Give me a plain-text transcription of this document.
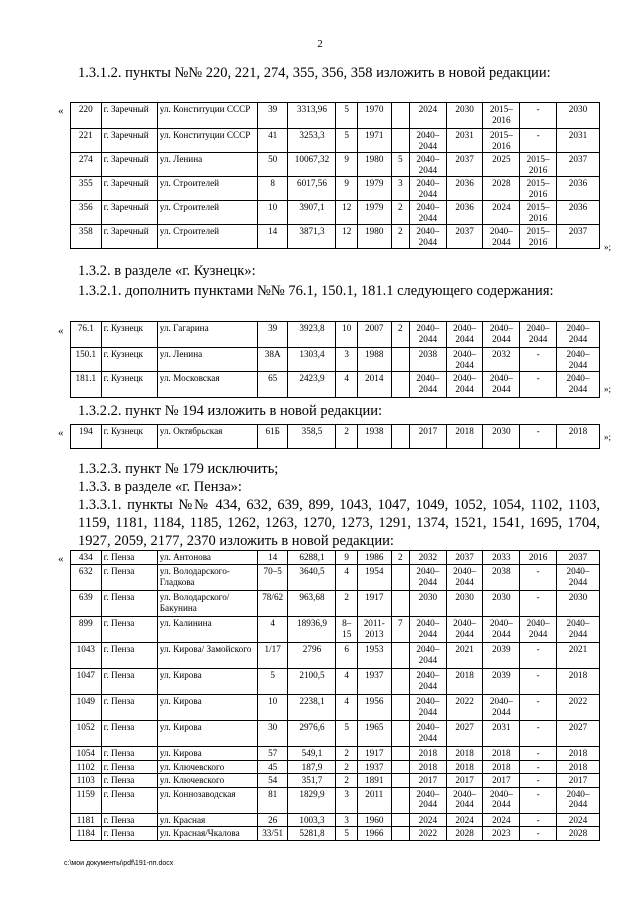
2
1.3.1.2. пункты №№ 220, 221, 274, 355, 356, 358 изложить в новой редакции:
« 220	г. Заречный	ул. Конституции СССР	39	3313,96	5	1970		2024	2030	2015–2016	-	2030
221	г. Заречный	ул. Конституции СССР	41	3253,3	5	1971		2040–2044	2031	2015–2016	-	2031
274	г. Заречный	ул. Ленина	50	10067,32	9	1980	5	2040–2044	2037	2025	2015–2016	2037
355	г. Заречный	ул. Строителей	8	6017,56	9	1979	3	2040–2044	2036	2028	2015–2016	2036
356	г. Заречный	ул. Строителей	10	3907,1	12	1979	2	2040–2044	2036	2024	2015–2016	2036
358	г. Заречный	ул. Строителей	14	3871,3	12	1980	2	2040–2044	2037	2040–2044	2015–2016	2037
»;
1.3.2. в разделе «г. Кузнецк»:
1.3.2.1. дополнить пунктами №№ 76.1, 150.1, 181.1 следующего содержания:
« 76.1	г. Кузнецк	ул. Гагарина	39	3923,8	10	2007	2	2040–2044	2040–2044	2040–2044	2040–2044	2040–2044
150.1	г. Кузнецк	ул. Ленина	38А	1303,4	3	1988		2038	2040–2044	2032	-	2040–2044
181.1	г. Кузнецк	ул. Московская	65	2423,9	4	2014		2040–2044	2040–2044	2040–2044	-	2040–2044 »;
1.3.2.2. пункт № 194 изложить в новой редакции:
« 194	г. Кузнецк	ул. Октябрьская	61Б	358,5	2	1938		2017	2018	2030	-	2018
»;
1.3.2.3. пункт № 179 исключить;
1.3.3. в разделе «г. Пенза»:
1.3.3.1. пункты №№ 434, 632, 639, 899, 1043, 1047, 1049, 1052, 1054, 1102, 1103, 1159, 1181, 1184, 1185, 1262, 1263, 1270, 1273, 1291, 1374, 1521, 1541, 1695, 1704, 1927, 2059, 2177, 2370 изложить в новой редакции:
« 434	г. Пенза	ул. Антонова	14	6288,1	9	1986	2	2032	2037	2033	2016	2037
632	г. Пенза	ул. Володарского-Гладкова	70–5	3640,5	4	1954		2040–2044	2040–2044	2038	-	2040–2044
639	г. Пенза	ул. Володарского/ Бакунина	78/62	963,68	2	1917		2030	2030	2030	-	2030
899	г. Пенза	ул. Калинина	4	18936,9	8–15	2011-2013	7	2040–2044	2040–2044	2040–2044	2040–2044	2040–2044
1043	г. Пенза	ул. Кирова/ Замойского	1/17	2796	6	1953		2040–2044	2021	2039	-	2021
1047	г. Пенза	ул. Кирова	5	2100,5	4	1937		2040–2044	2018	2039	-	2018
1049	г. Пенза	ул. Кирова	10	2238,1	4	1956		2040–2044	2022	2040–2044	-	2022
1052	г. Пенза	ул. Кирова	30	2976,6	5	1965		2040–2044	2027	2031	-	2027
1054	г. Пенза	ул. Кирова	57	549,1	2	1917		2018	2018	2018	-	2018
1102	г. Пенза	ул. Ключевского	45	187,9	2	1937		2018	2018	2018	-	2018
1103	г. Пенза	ул. Ключевского	54	351,7	2	1891		2017	2017	2017	-	2017
1159	г. Пенза	ул. Коннозаводская	81	1829,9	3	2011		2040–2044	2040–2044	2040–2044	-	2040–2044
1181	г. Пенза	ул. Красная	26	1003,3	3	1960		2024	2024	2024	-	2024
1184	г. Пенза	ул. Красная/Чкалова	33/51	5281,8	5	1966		2022	2028	2023	-	2028
c:\мои документы\pdf\191-пп.docx
